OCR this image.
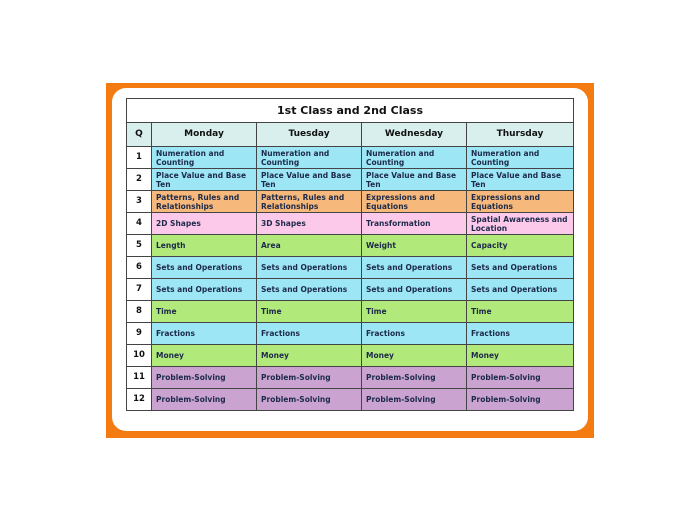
1st Class and 2nd Class				
Q	Monday	Tuesday	Wednesday	Thursday
1	Numeration and Counting	Numeration and Counting	Numeration and Counting	Numeration and Counting
2	Place Value and Base Ten	Place Value and Base Ten	Place Value and Base Ten	Place Value and Base Ten
3	Patterns, Rules and Relationships	Patterns, Rules and Relationships	Expressions and Equations	Expressions and Equations
4	2D Shapes	3D Shapes	Transformation	Spatial Awareness and Location
5	Length	Area	Weight	Capacity
6	Sets and Operations	Sets and Operations	Sets and Operations	Sets and Operations
7	Sets and Operations	Sets and Operations	Sets and Operations	Sets and Operations
8	Time	Time	Time	Time
9	Fractions	Fractions	Fractions	Fractions
10	Money	Money	Money	Money
11	Problem-Solving	Problem-Solving	Problem-Solving	Problem-Solving
12	Problem-Solving	Problem-Solving	Problem-Solving	Problem-Solving
